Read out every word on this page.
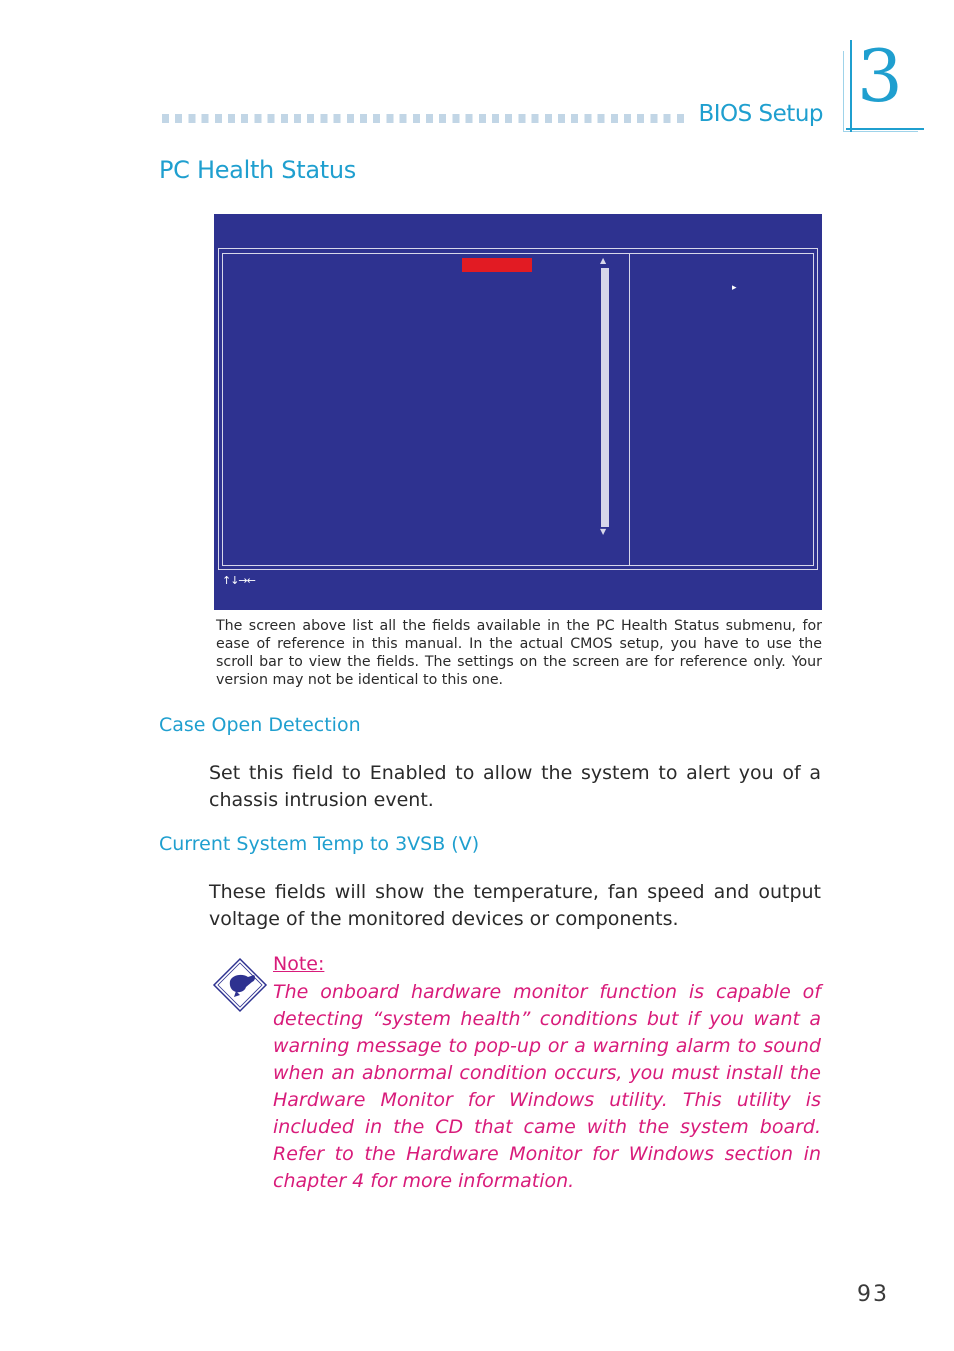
BIOS Setup 3
PC Health Status
▲
▼
▸
↑↓→←
The screen above list all the fields available in the PC Health Status submenu, for ease of reference in this manual. In the actual CMOS setup, you have to use the scroll bar to view the fields. The settings on the screen are for reference only. Your version may not be identical to this one.
Case Open Detection
Set this field to Enabled to allow the system to alert you of a chassis intrusion event.
Current System Temp to 3VSB (V)
These fields will show the temperature, fan speed and output voltage of the monitored devices or components.
Note:
The onboard hardware monitor function is capable of detecting “system health” conditions but if you want a warning message to pop-up or a warning alarm to sound when an abnormal condition occurs, you must install the Hardware Monitor for Windows utility. This utility is included in the CD that came with the system board. Refer to the Hardware Monitor for Windows section in chapter 4 for more information.
93
